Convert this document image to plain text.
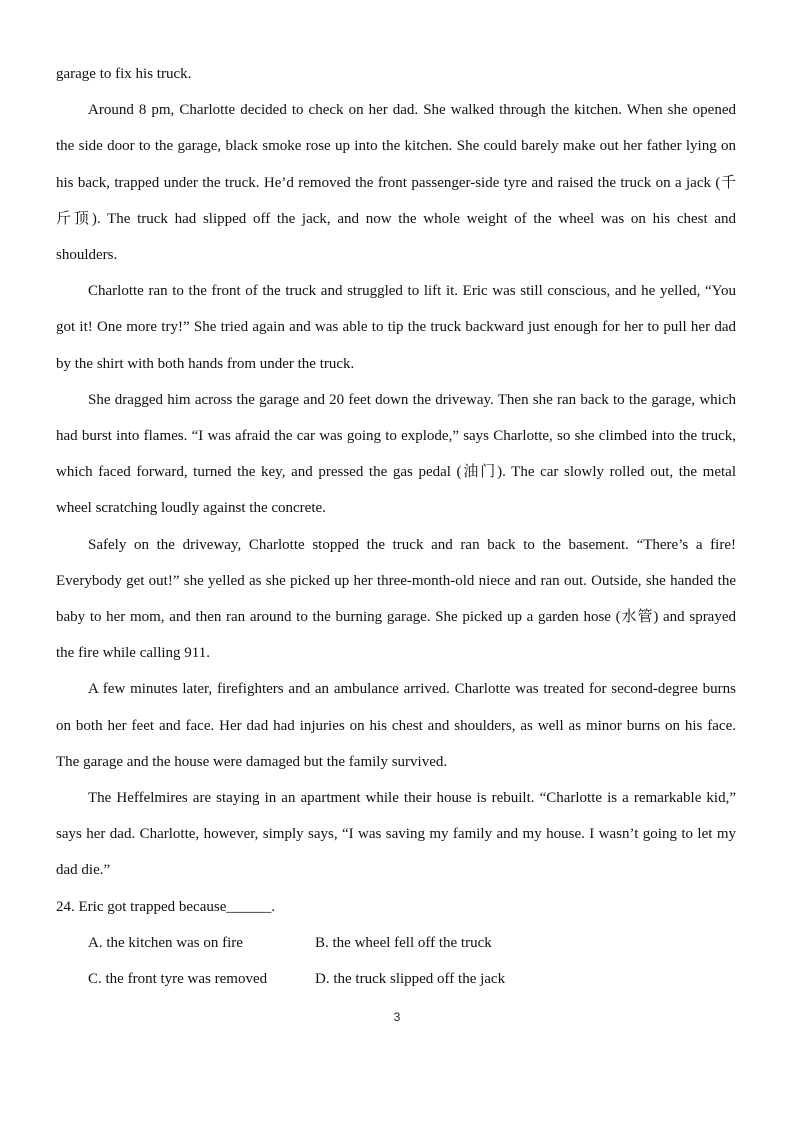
garage to fix his truck.

Around 8 pm, Charlotte decided to check on her dad. She walked through the kitchen. When she opened the side door to the garage, black smoke rose up into the kitchen. She could barely make out her father lying on his back, trapped under the truck. He’d removed the front passenger-side tyre and raised the truck on a jack (千斤顶). The truck had slipped off the jack, and now the whole weight of the wheel was on his chest and shoulders.

Charlotte ran to the front of the truck and struggled to lift it. Eric was still conscious, and he yelled, “You got it! One more try!” She tried again and was able to tip the truck backward just enough for her to pull her dad by the shirt with both hands from under the truck.

She dragged him across the garage and 20 feet down the driveway. Then she ran back to the garage, which had burst into flames. “I was afraid the car was going to explode,” says Charlotte, so she climbed into the truck, which faced forward, turned the key, and pressed the gas pedal (油门). The car slowly rolled out, the metal wheel scratching loudly against the concrete.

Safely on the driveway, Charlotte stopped the truck and ran back to the basement. “There’s a fire! Everybody get out!” she yelled as she picked up her three-month-old niece and ran out. Outside, she handed the baby to her mom, and then ran around to the burning garage. She picked up a garden hose (水管) and sprayed the fire while calling 911.

A few minutes later, firefighters and an ambulance arrived. Charlotte was treated for second-degree burns on both her feet and face. Her dad had injuries on his chest and shoulders, as well as minor burns on his face. The garage and the house were damaged but the family survived.

The Heffelmires are staying in an apartment while their house is rebuilt. “Charlotte is a remarkable kid,” says her dad. Charlotte, however, simply says, “I was saving my family and my house. I wasn’t going to let my dad die.”

24. Eric got trapped because______.

A. the kitchen was on fire	B. the wheel fell off the truck
C. the front tyre was removed	D. the truck slipped off the jack
3
